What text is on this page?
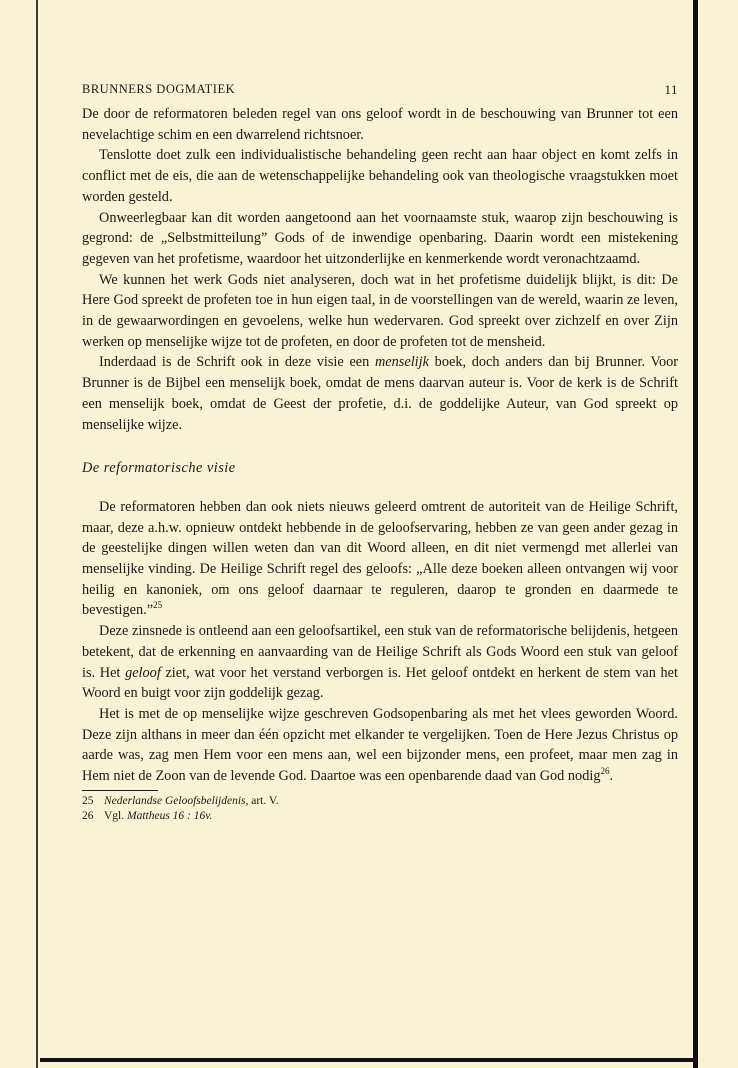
BRUNNERS DOGMATIEK	11

De door de reformatoren beleden regel van ons geloof wordt in de beschouwing van Brunner tot een nevelachtige schim en een dwarrelend richtsnoer.

Tenslotte doet zulk een individualistische behandeling geen recht aan haar object en komt zelfs in conflict met de eis, die aan de wetenschappelijke behandeling ook van theologische vraagstukken moet worden gesteld.

Onweerlegbaar kan dit worden aangetoond aan het voornaamste stuk, waarop zijn beschouwing is gegrond: de „Selbstmitteilung” Gods of de inwendige openbaring. Daarin wordt een mistekening gegeven van het profetisme, waardoor het uitzonderlijke en kenmerkende wordt veronachtzaamd.

We kunnen het werk Gods niet analyseren, doch wat in het profetisme duidelijk blijkt, is dit: De Here God spreekt de profeten toe in hun eigen taal, in de voorstellingen van de wereld, waarin ze leven, in de gewaarwordingen en gevoelens, welke hun wedervaren. God spreekt over zichzelf en over Zijn werken op menselijke wijze tot de profeten, en door de profeten tot de mensheid.

Inderdaad is de Schrift ook in deze visie een menselijk boek, doch anders dan bij Brunner. Voor Brunner is de Bijbel een menselijk boek, omdat de mens daarvan auteur is. Voor de kerk is de Schrift een menselijk boek, omdat de Geest der profetie, d.i. de goddelijke Auteur, van God spreekt op menselijke wijze.

De reformatorische visie

De reformatoren hebben dan ook niets nieuws geleerd omtrent de autoriteit van de Heilige Schrift, maar, deze a.h.w. opnieuw ontdekt hebbende in de geloofservaring, hebben ze van geen ander gezag in de geestelijke dingen willen weten dan van dit Woord alleen, en dit niet vermengd met allerlei van menselijke vinding. De Heilige Schrift regel des geloofs: „Alle deze boeken alleen ontvangen wij voor heilig en kanoniek, om ons geloof daarnaar te reguleren, daarop te gronden en daarmede te bevestigen.”$^{25}$

Deze zinsnede is ontleend aan een geloofsartikel, een stuk van de reformatorische belijdenis, hetgeen betekent, dat de erkenning en aanvaarding van de Heilige Schrift als Gods Woord een stuk van geloof is. Het geloof ziet, wat voor het verstand verborgen is. Het geloof ontdekt en herkent de stem van het Woord en buigt voor zijn goddelijk gezag.

Het is met de op menselijke wijze geschreven Godsopenbaring als met het vlees geworden Woord. Deze zijn althans in meer dan één opzicht met elkander te vergelijken. Toen de Here Jezus Christus op aarde was, zag men Hem voor een mens aan, wel een bijzonder mens, een profeet, maar men zag in Hem niet de Zoon van de levende God. Daartoe was een openbarende daad van God nodig$^{26}$.

25 Nederlandse Geloofsbelijdenis, art. V.
26 Vgl. Mattheus 16 : 16v.
